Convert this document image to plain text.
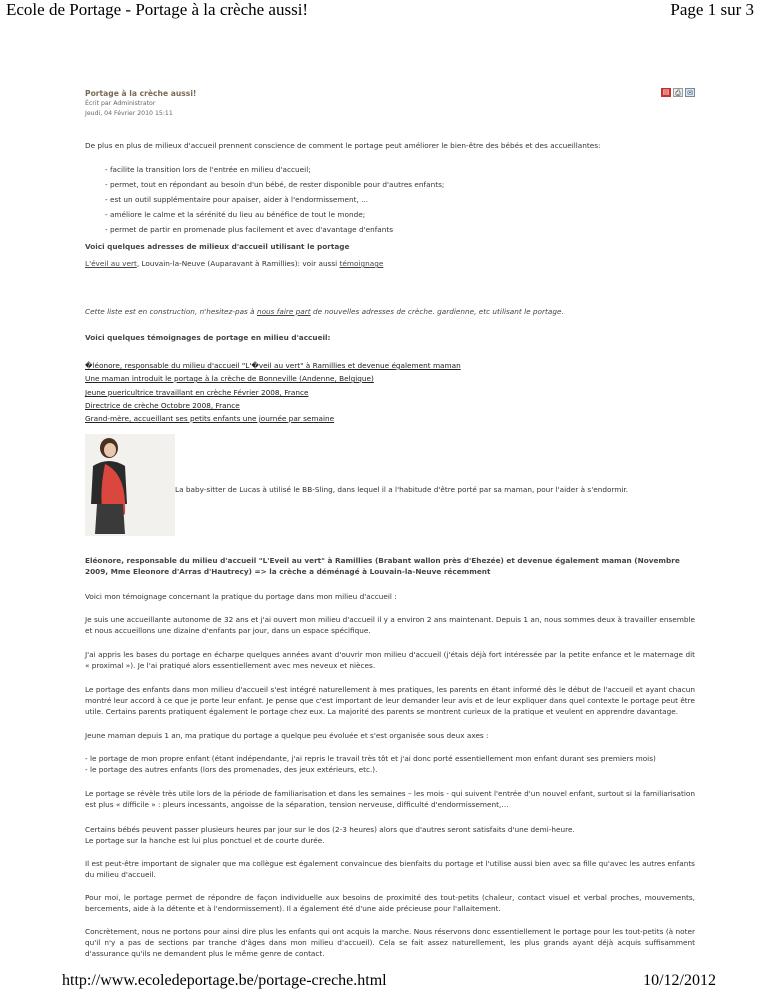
Ecole de Portage - Portage à la crèche aussi!	Page 1 sur 3
Portage à la crèche aussi!
Écrit par Administrator
Jeudi, 04 Février 2010 15:11
▤ ⎙ ✉

De plus en plus de milieux d'accueil prennent conscience de comment le portage peut améliorer le bien-être des bébés et des accueillantes:

- facilite la transition lors de l'entrée en milieu d'accueil;

- permet, tout en répondant au besoin d'un bébé, de rester disponible pour d'autres enfants;

- est un outil supplémentaire pour apaiser, aider à l'endormissement, ...

- améliore le calme et la sérénité du lieu au bénéfice de tout le monde;

- permet de partir en promenade plus facilement et avec d'avantage d'enfants

Voici quelques adresses de milieux d'accueil utilisant le portage

L'éveil au vert, Louvain-la-Neuve (Auparavant à Ramillies): voir aussi témoignage

Cette liste est en construction, n'hesitez-pas à nous faire part de nouvelles adresses de crèche. gardienne, etc utilisant le portage.

Voici quelques témoignages de portage en milieu d'accueil:

�léonore, responsable du milieu d'accueil "L'�veil au vert" à Ramillies et devenue également maman

Une maman introduit le portage à la crèche de Bonneville (Andenne, Belgique)

Jeune puericultrice travaillant en crèche Février 2008, France

Directrice de crèche Octobre 2008, France

Grand-mère, accueillant ses petits enfants une journée par semaine

La baby-sitter de Lucas à utilisé le BB-Sling, dans lequel il a l'habitude d'être porté par sa maman, pour l'aider à s'endormir.

Eléonore, responsable du milieu d'accueil "L'Eveil au vert" à Ramillies (Brabant wallon près d'Ehezée) et devenue également maman (Novembre 2009, Mme Eleonore d'Arras d'Hautrecy) => la crèche a déménagé à Louvain-la-Neuve récemment

Voici mon témoignage concernant la pratique du portage dans mon milieu d'accueil :

Je suis une accueillante autonome de 32 ans et j'ai ouvert mon milieu d'accueil il y a environ 2 ans maintenant. Depuis 1 an, nous sommes deux à travailler ensemble et nous accueillons une dizaine d'enfants par jour, dans un espace spécifique.

J'ai appris les bases du portage en écharpe quelques années avant d'ouvrir mon milieu d'accueil (j'étais déjà fort intéressée par la petite enfance et le maternage dit « proximal »). Je l'ai pratiqué alors essentiellement avec mes neveux et nièces.

Le portage des enfants dans mon milieu d'accueil s'est intégré naturellement à mes pratiques, les parents en étant informé dès le début de l'accueil et ayant chacun montré leur accord à ce que je porte leur enfant. Je pense que c'est important de leur demander leur avis et de leur expliquer dans quel contexte le portage peut être utile. Certains parents pratiquent également le portage chez eux. La majorité des parents se montrent curieux de la pratique et veulent en apprendre davantage.

Jeune maman depuis 1 an, ma pratique du portage a quelque peu évoluée et s'est organisée sous deux axes :

- le portage de mon propre enfant (étant indépendante, j'ai repris le travail très tôt et j'ai donc porté essentiellement mon enfant durant ses premiers mois)

- le portage des autres enfants (lors des promenades, des jeux extérieurs, etc.).

Le portage se révèle très utile lors de la période de familiarisation et dans les semaines – les mois - qui suivent l'entrée d'un nouvel enfant, surtout si la familiarisation est plus « difficile » : pleurs incessants, angoisse de la séparation, tension nerveuse, difficulté d'endormissement,…

Certains bébés peuvent passer plusieurs heures par jour sur le dos (2-3 heures) alors que d'autres seront satisfaits d'une demi-heure.

Le portage sur la hanche est lui plus ponctuel et de courte durée.

Il est peut-être important de signaler que ma collègue est également convaincue des bienfaits du portage et l'utilise aussi bien avec sa fille qu'avec les autres enfants du milieu d'accueil.

Pour moi, le portage permet de répondre de façon individuelle aux besoins de proximité des tout-petits (chaleur, contact visuel et verbal proches, mouvements, bercements, aide à la détente et à l'endormissement). Il a également été d'une aide précieuse pour l'allaitement.

Concrètement, nous ne portons pour ainsi dire plus les enfants qui ont acquis la marche. Nous réservons donc essentiellement le portage pour les tout-petits (à noter qu'il n'y a pas de sections par tranche d'âges dans mon milieu d'accueil). Cela se fait assez naturellement, les plus grands ayant déjà acquis suffisamment d'assurance qu'ils ne demandent plus le même genre de contact.

http://www.ecoledeportage.be/portage-creche.html	10/12/2012
